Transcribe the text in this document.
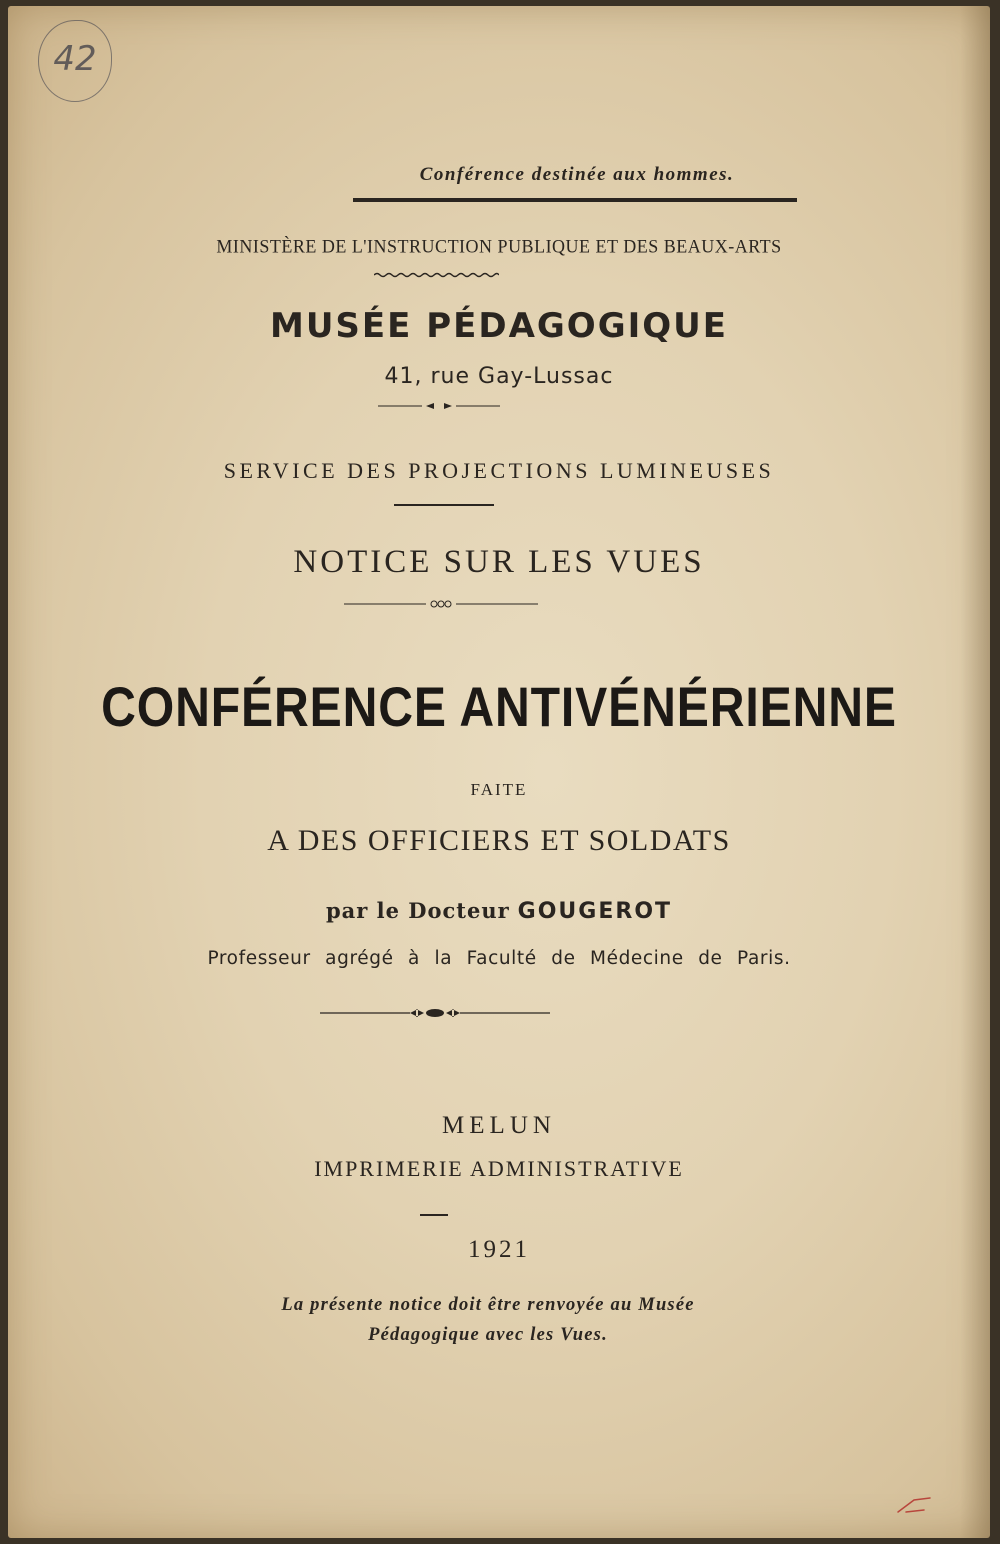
42
Conférence destinée aux hommes.
MINISTÈRE DE L'INSTRUCTION PUBLIQUE ET DES BEAUX-ARTS
MUSÉE PÉDAGOGIQUE
41, rue Gay-Lussac
SERVICE DES PROJECTIONS LUMINEUSES
NOTICE SUR LES VUES
CONFÉRENCE ANTIVÉNÉRIENNE
FAITE
A DES OFFICIERS ET SOLDATS
par le Docteur GOUGEROT
Professeur agrégé à la Faculté de Médecine de Paris.
MELUN
IMPRIMERIE ADMINISTRATIVE
1921
La présente notice doit être renvoyée au Musée
Pédagogique avec les Vues.
